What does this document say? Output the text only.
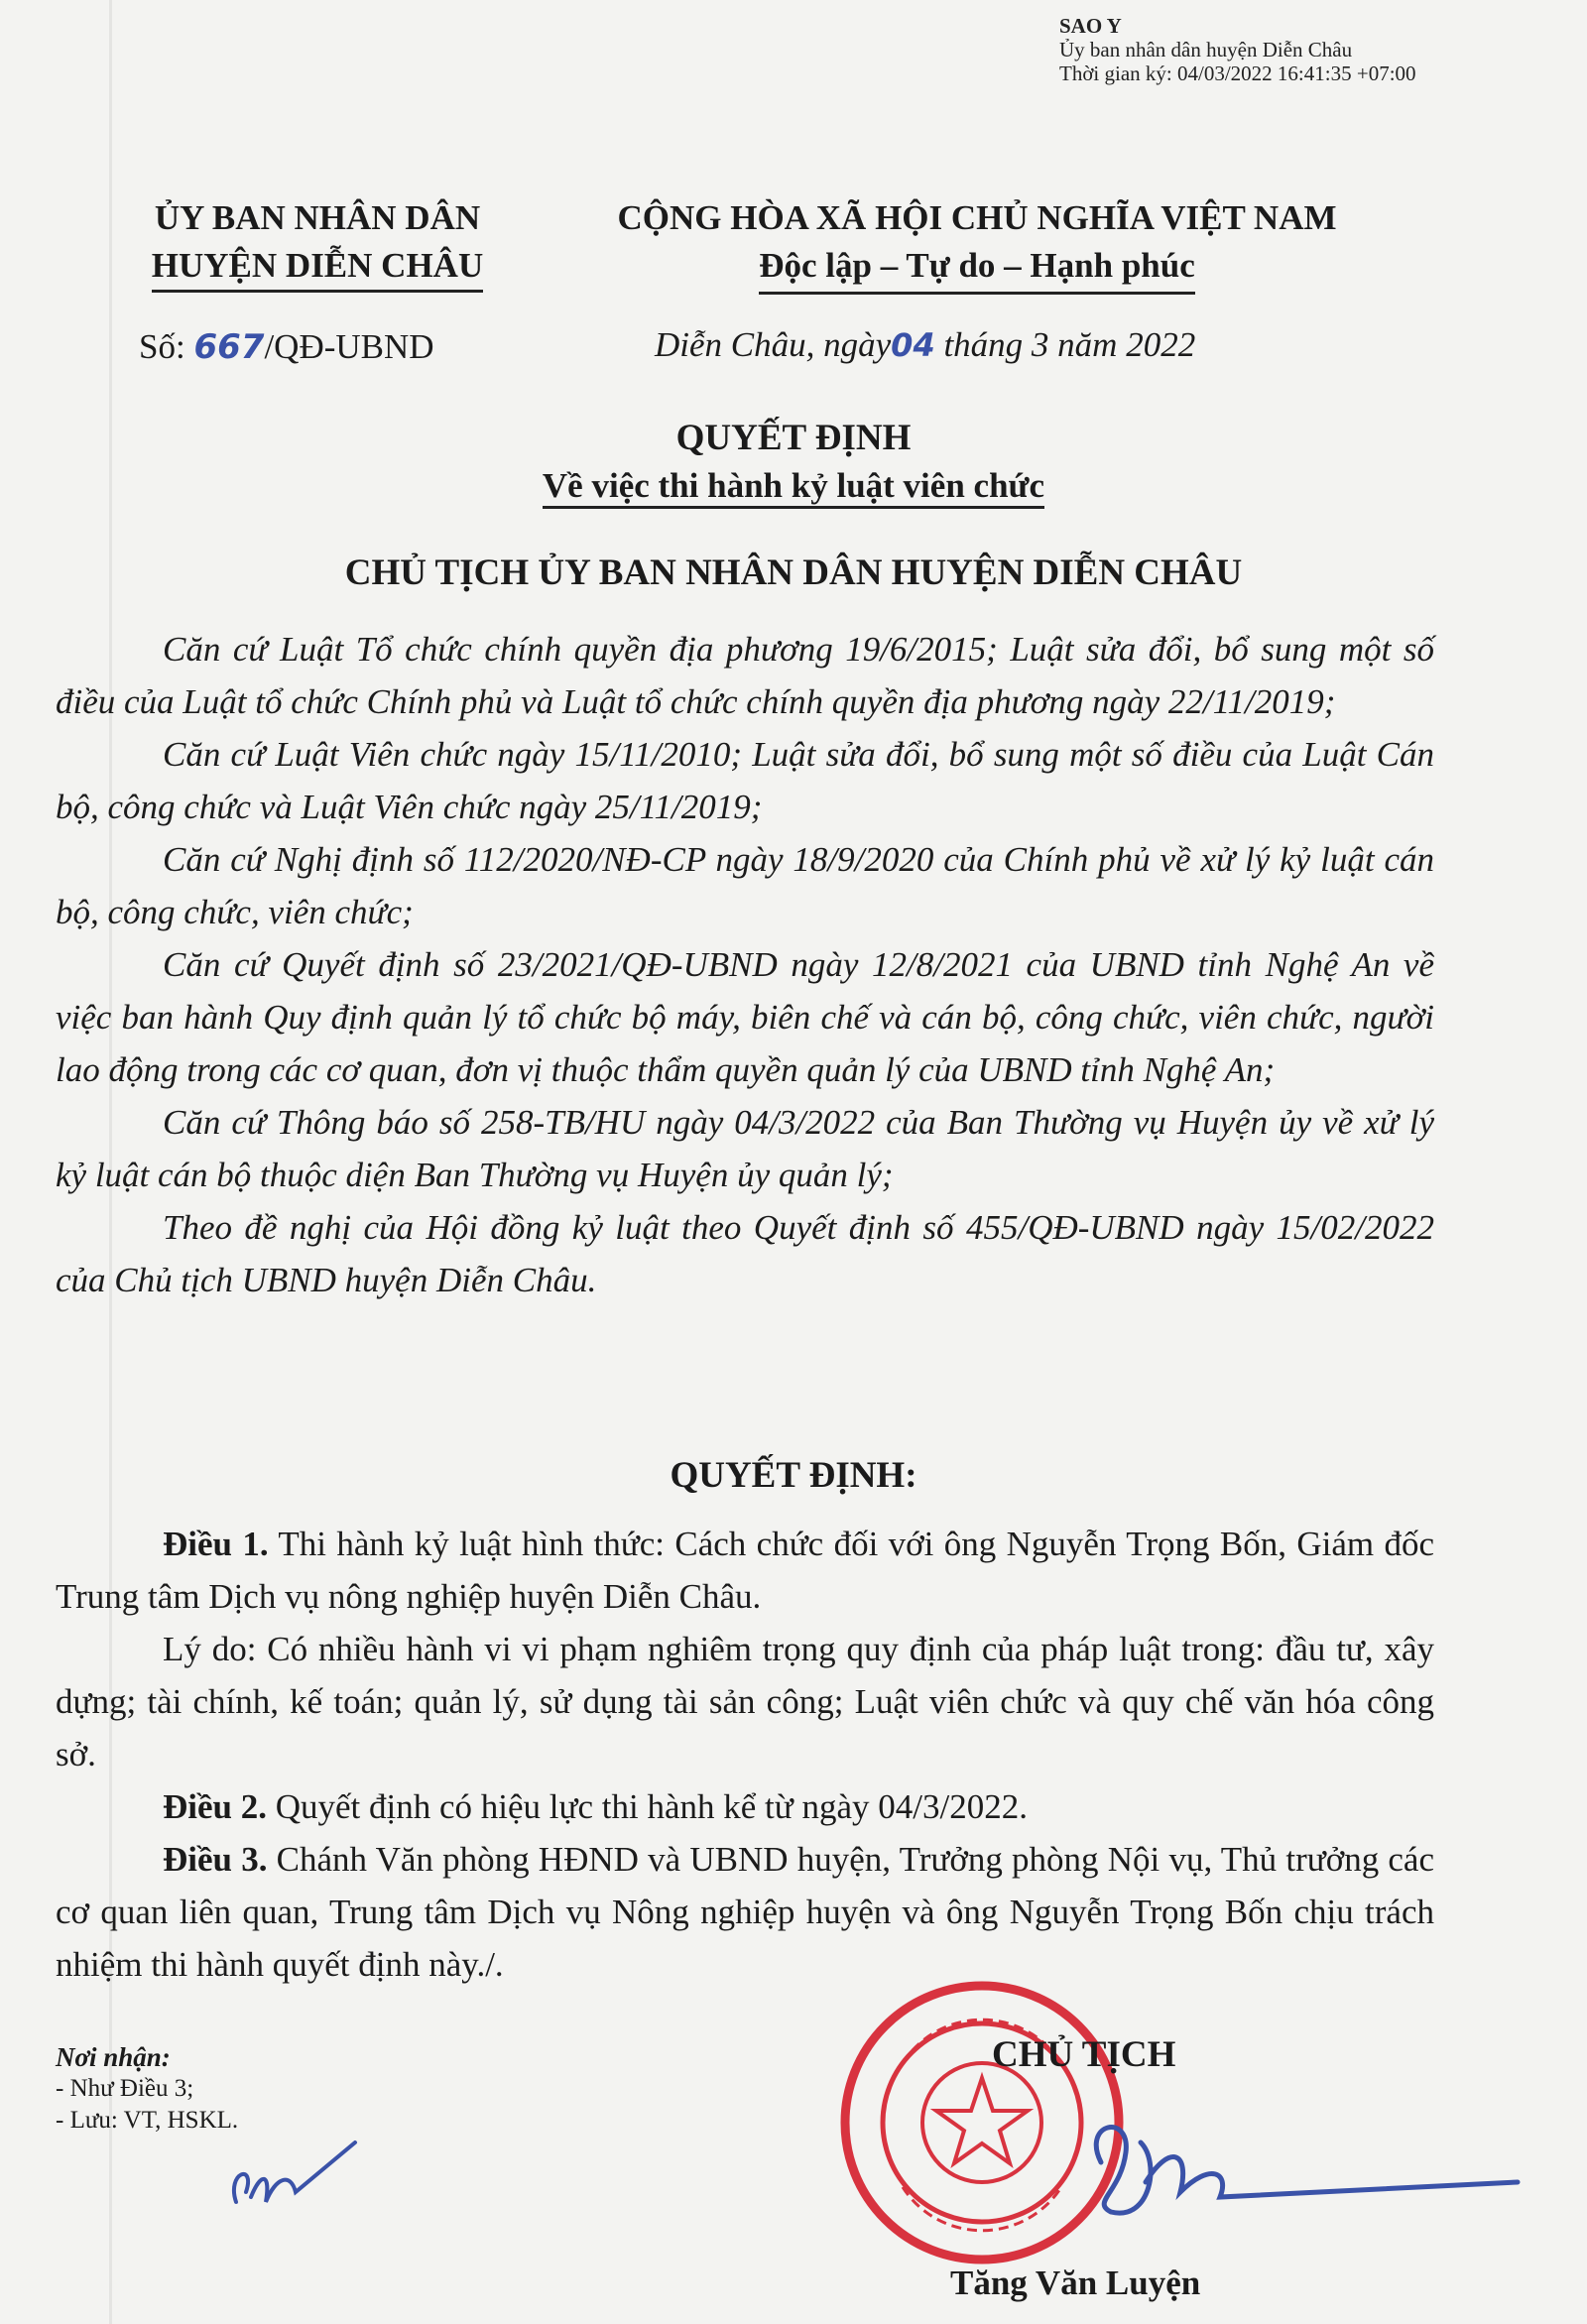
SAO Y
Ủy ban nhân dân huyện Diễn Châu
Thời gian ký: 04/03/2022 16:41:35 +07:00
ỦY BAN NHÂN DÂN
HUYỆN DIỄN CHÂU
CỘNG HÒA XÃ HỘI CHỦ NGHĨA VIỆT NAM
Độc lập – Tự do – Hạnh phúc
Số: 667/QĐ-UBND	Diễn Châu, ngày04 tháng 3 năm 2022
QUYẾT ĐỊNH
Về việc thi hành kỷ luật viên chức
CHỦ TỊCH ỦY BAN NHÂN DÂN HUYỆN DIỄN CHÂU

Căn cứ Luật Tổ chức chính quyền địa phương 19/6/2015; Luật sửa đổi, bổ sung một số điều của Luật tổ chức Chính phủ và Luật tổ chức chính quyền địa phương ngày 22/11/2019;

Căn cứ Luật Viên chức ngày 15/11/2010; Luật sửa đổi, bổ sung một số điều của Luật Cán bộ, công chức và Luật Viên chức ngày 25/11/2019;

Căn cứ Nghị định số 112/2020/NĐ-CP ngày 18/9/2020 của Chính phủ về xử lý kỷ luật cán bộ, công chức, viên chức;

Căn cứ Quyết định số 23/2021/QĐ-UBND ngày 12/8/2021 của UBND tỉnh Nghệ An về việc ban hành Quy định quản lý tổ chức bộ máy, biên chế và cán bộ, công chức, viên chức, người lao động trong các cơ quan, đơn vị thuộc thẩm quyền quản lý của UBND tỉnh Nghệ An;

Căn cứ Thông báo số 258-TB/HU ngày 04/3/2022 của Ban Thường vụ Huyện ủy về xử lý kỷ luật cán bộ thuộc diện Ban Thường vụ Huyện ủy quản lý;

Theo đề nghị của Hội đồng kỷ luật theo Quyết định số 455/QĐ-UBND ngày 15/02/2022 của Chủ tịch UBND huyện Diễn Châu.

QUYẾT ĐỊNH:

Điều 1. Thi hành kỷ luật hình thức: Cách chức đối với ông Nguyễn Trọng Bốn, Giám đốc Trung tâm Dịch vụ nông nghiệp huyện Diễn Châu.

Lý do: Có nhiều hành vi vi phạm nghiêm trọng quy định của pháp luật trong: đầu tư, xây dựng; tài chính, kế toán; quản lý, sử dụng tài sản công; Luật viên chức và quy chế văn hóa công sở.

Điều 2. Quyết định có hiệu lực thi hành kể từ ngày 04/3/2022.

Điều 3. Chánh Văn phòng HĐND và UBND huyện, Trưởng phòng Nội vụ, Thủ trưởng các cơ quan liên quan, Trung tâm Dịch vụ Nông nghiệp huyện và ông Nguyễn Trọng Bốn chịu trách nhiệm thi hành quyết định này./.

Nơi nhận:
- Như Điều 3;
- Lưu: VT, HSKL.
CHỦ TỊCH
Tăng Văn Luyện
